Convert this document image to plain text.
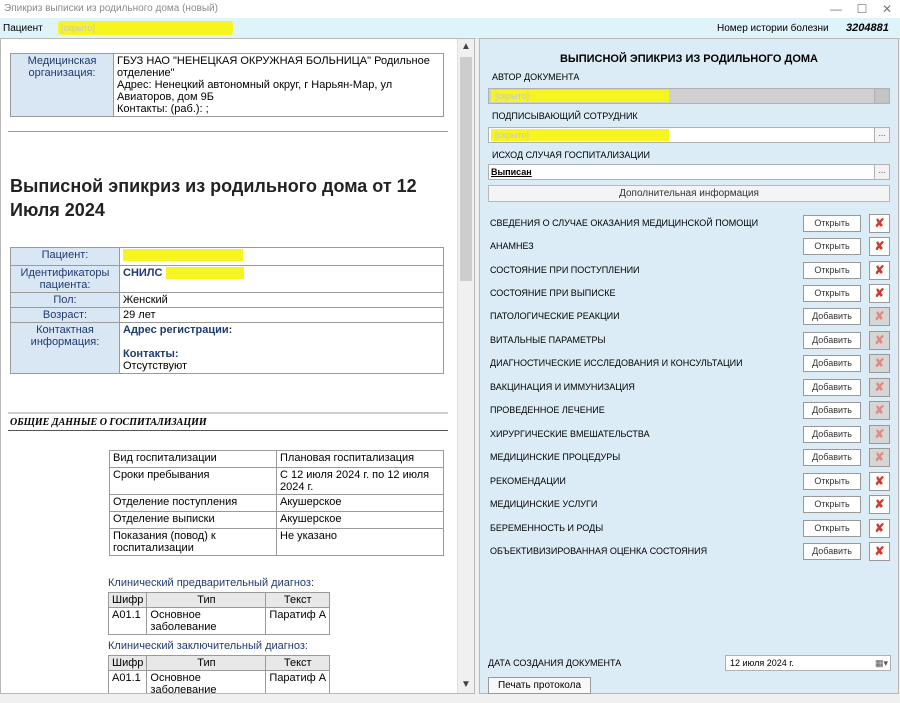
Эпикриз выписки из родильного дома (новый)	—	☐	✕
Пациент	[скрыто]	Номер истории болезни 3204881
Медицинская организация:	
ГБУЗ НАО "НЕНЕЦКАЯ ОКРУЖНАЯ БОЛЬНИЦА" Родильное отделение"
Адрес: Ненецкий автономный округ, г Нарьян-Мар, ул Авиаторов, дом 9Б
Контакты: (раб.): ;
Выписной эпикриз из родильного дома от 12 Июля 2024
Пациент:	
Идентификаторы пациента:	СНИЛС
Пол:	Женский
Возраст:	29 лет
Контактная информация:	Адрес регистрации:
Контакты:
Отсутствуют
ОБЩИЕ ДАННЫЕ О ГОСПИТАЛИЗАЦИИ
Вид госпитализации	Плановая госпитализация
Сроки пребывания	С 12 июля 2024 г. по 12 июля 2024 г.
Отделение поступления	Акушерское
Отделение выписки	Акушерское
Показания (повод) к госпитализации	Не указано
Клинический предварительный диагноз:
Шифр	Тип	Текст
A01.1	Основное заболевание	Паратиф А
Клинический заключительный диагноз:
Шифр	Тип	Текст
A01.1	Основное заболевание	Паратиф А
▲
▼
ВЫПИСНОЙ ЭПИКРИЗ ИЗ РОДИЛЬНОГО ДОМА
АВТОР ДОКУМЕНТА
[скрыто]
ПОДПИСЫВАЮЩИЙ СОТРУДНИК
[скрыто]	...
ИСХОД СЛУЧАЯ ГОСПИТАЛИЗАЦИИ
Выписан	...
Дополнительная информация
СВЕДЕНИЯ О СЛУЧАЕ ОКАЗАНИЯ МЕДИЦИНСКОЙ ПОМОЩИ	Открыть	✘
АНАМНЕЗ	Открыть	✘
СОСТОЯНИЕ ПРИ ПОСТУПЛЕНИИ	Открыть	✘
СОСТОЯНИЕ ПРИ ВЫПИСКЕ	Открыть	✘
ПАТОЛОГИЧЕСКИЕ РЕАКЦИИ	Добавить	✘
ВИТАЛЬНЫЕ ПАРАМЕТРЫ	Добавить	✘
ДИАГНОСТИЧЕСКИЕ ИССЛЕДОВАНИЯ И КОНСУЛЬТАЦИИ	Добавить	✘
ВАКЦИНАЦИЯ И ИММУНИЗАЦИЯ	Добавить	✘
ПРОВЕДЕННОЕ ЛЕЧЕНИЕ	Добавить	✘
ХИРУРГИЧЕСКИЕ ВМЕШАТЕЛЬСТВА	Добавить	✘
МЕДИЦИНСКИЕ ПРОЦЕДУРЫ	Добавить	✘
РЕКОМЕНДАЦИИ	Открыть	✘
МЕДИЦИНСКИЕ УСЛУГИ	Открыть	✘
БЕРЕМЕННОСТЬ И РОДЫ	Открыть	✘
ОБЪЕКТИВИЗИРОВАННАЯ ОЦЕНКА СОСТОЯНИЯ	Добавить	✘
ДАТА СОЗДАНИЯ ДОКУМЕНТА	12 июля 2024 г.	▦▾
Печать протокола
